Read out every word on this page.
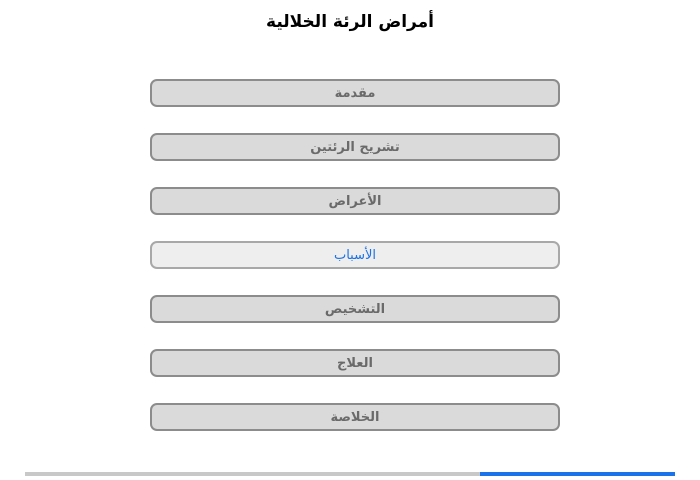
أمراض الرئة الخلالية
مقدمة
تشريح الرئتين
الأعراض
الأسباب
التشخيص
العلاج
الخلاصة
